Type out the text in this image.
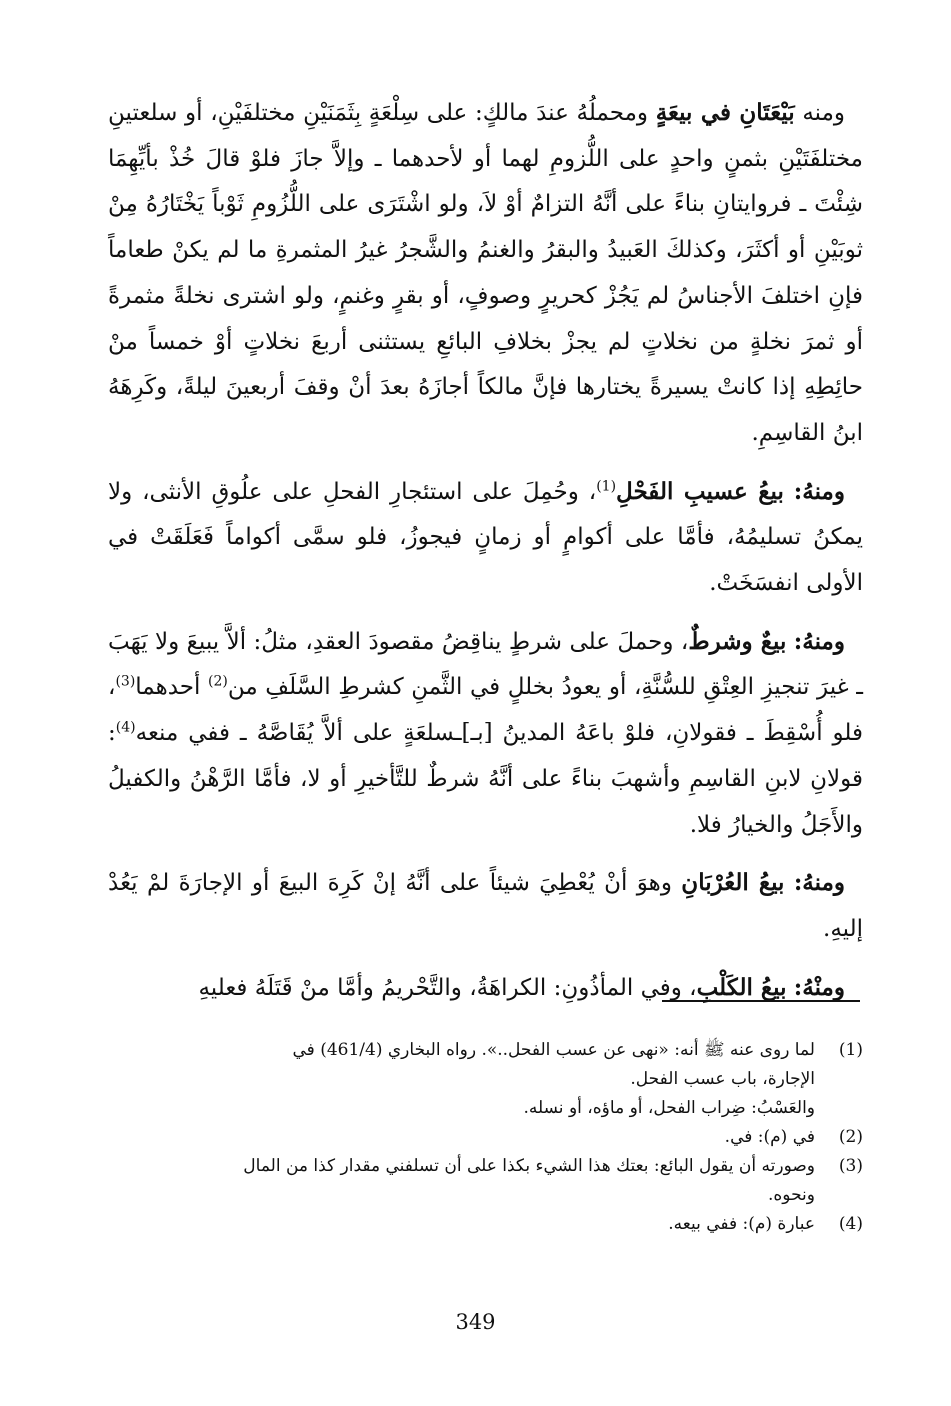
ومنه بَيْعَتَانِ في بيعَةٍ ومحملُهُ عندَ مالكٍ: على سِلْعَةٍ بِثَمَنَيْنِ مختلفَيْنِ، أو سلعتينِ مختلفَتَيْنِ بثمنٍ واحدٍ على اللُّزومِ لهما أو لأحدهما ـ وإلاَّ جازَ فلوْ قالَ خُذْ بأيِّهِمَا شِئْتَ ـ فروايتانِ بناءً على أنَّهُ التزامٌ أوْ لاَ، ولو اشْتَرَى على اللُّزُومِ ثَوْباً يَخْتَارُهُ مِنْ ثوبَيْنِ أو أكثَرَ، وكذلكَ العَبيدُ والبقرُ والغنمُ والشَّجرُ غيرُ المثمرةِ ما لم يكنْ طعاماً فإنِ اختلفَ الأجناسُ لم يَجُزْ كحريرٍ وصوفٍ، أو بقرٍ وغنمٍ، ولو اشترى نخلةً مثمرةً أو ثمرَ نخلةٍ من نخلاتٍ لم يجزْ بخلافِ البائعِ يستثنى أربعَ نخلاتٍ أوْ خمساً منْ حائِطِهِ إذا كانتْ يسيرةً يختارها فإنَّ مالكاً أجازَهُ بعدَ أنْ وقفَ أربعينَ ليلةً، وكَرِهَهُ ابنُ القاسِمِ.

ومنهُ: بيعُ عسيبِ الفَحْلِ$^{(1)}$، وحُمِلَ على استئجارِ الفحلِ على علُوقِ الأنثى، ولا يمكنُ تسليمُهُ، فأمَّا على أكوامٍ أو زمانٍ فيجوزُ، فلو سمَّى أكواماً فَعَلَقَتْ في الأولى انفسَخَتْ.

ومنهُ: بيعٌ وشرطٌ، وحملَ على شرطٍ يناقِضُ مقصودَ العقدِ، مثلُ: ألاَّ يبيعَ ولا يَهَبَ ـ غيرَ تنجيزِ العِتْقِ للسُّنَّةِ، أو يعودُ بخللٍ في الثَّمنِ كشرطِ السَّلَفِ من$^{(2)}$ أحدهما$^{(3)}$، فلو أُسْقِطَ ـ فقولانِ، فلوْ باعَهُ المدينُ [بـ]ـسلعَةٍ على ألاَّ يُقَاصَّهُ ـ ففي منعه$^{(4)}$: قولانِ لابنِ القاسِمِ وأشهبَ بناءً على أنَّهُ شرطٌ للتَّأخيرِ أو لا، فأمَّا الرَّهْنُ والكفيلُ والأَجَلُ والخيارُ فلا.

ومنهُ: بيعُ العُرْبَانِ وهوَ أنْ يُعْطِيَ شيئاً على أنَّهُ إنْ كَرِهَ البيعَ أو الإجارَةَ لمْ يَعُدْ إليهِ.

ومنْهُ: بيعُ الكَلْبِ، وفي المأذُونِ: الكراهَةُ، والتَّحْريمُ وأمَّا منْ قَتَلَهُ فعليهِ

(1)
لما روى عنه ﷺ أنه: «نهى عن عسب الفحل..». رواه البخاري (461/4) في
الإجارة، باب عسب الفحل.
والعَسْبُ: ضِراب الفحل، أو ماؤه، أو نسله.
(2)
في (م): في.
(3)
وصورته أن يقول البائع: بعتك هذا الشيء بكذا على أن تسلفني مقدار كذا من المال
ونحوه.
(4)
عبارة (م): ففي بيعه.
349
